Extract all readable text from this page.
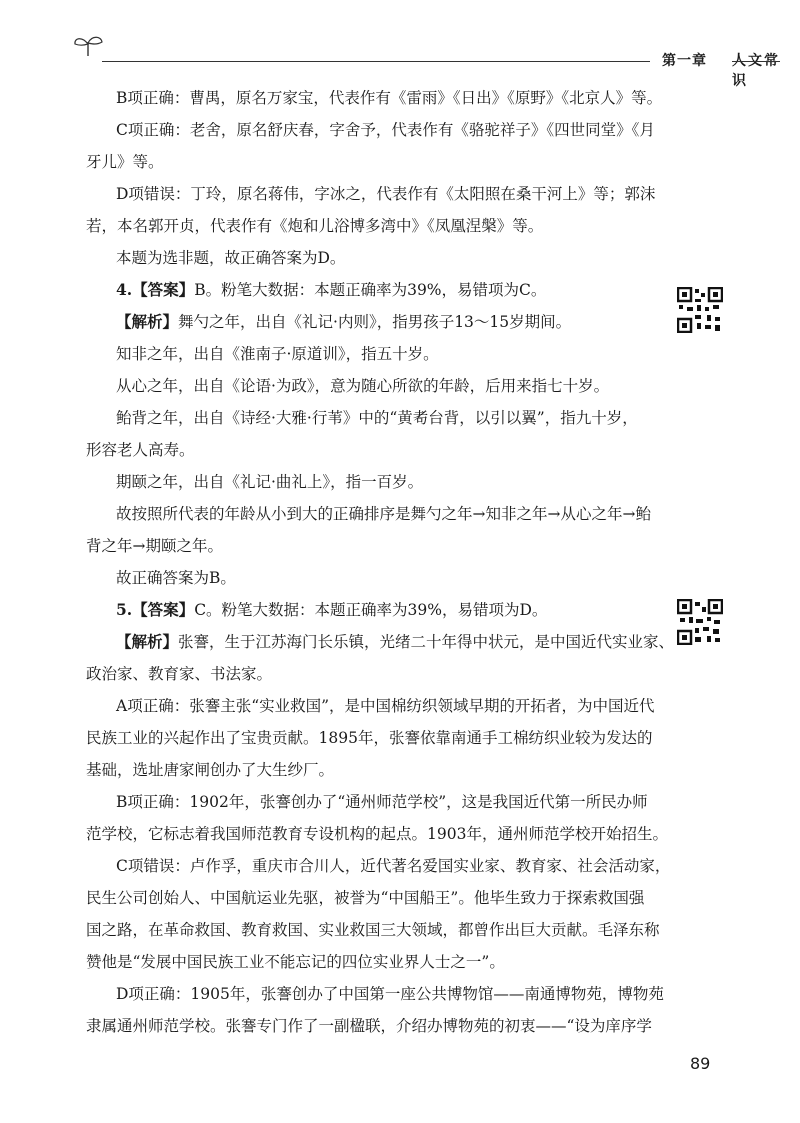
第一章 人文常识
B项正确：曹禺，原名万家宝，代表作有《雷雨》《日出》《原野》《北京人》等。
C项正确：老舍，原名舒庆春，字舍予，代表作有《骆驼祥子》《四世同堂》《月
牙儿》等。
D项错误：丁玲，原名蒋伟，字冰之，代表作有《太阳照在桑干河上》等；郭沫
若，本名郭开贞，代表作有《炮和儿浴博多湾中》《凤凰涅槃》等。
本题为选非题，故正确答案为D。
4.【答案】B。粉笔大数据：本题正确率为39%，易错项为C。
【解析】舞勺之年，出自《礼记·内则》，指男孩子13～15岁期间。
知非之年，出自《淮南子·原道训》，指五十岁。
从心之年，出自《论语·为政》，意为随心所欲的年龄，后用来指七十岁。
鲐背之年，出自《诗经·大雅·行苇》中的“黄耇台背，以引以翼”，指九十岁，
形容老人高寿。
期颐之年，出自《礼记·曲礼上》，指一百岁。
故按照所代表的年龄从小到大的正确排序是舞勺之年→知非之年→从心之年→鲐
背之年→期颐之年。
故正确答案为B。
5.【答案】C。粉笔大数据：本题正确率为39%，易错项为D。
【解析】张謇，生于江苏海门长乐镇，光绪二十年得中状元，是中国近代实业家、
政治家、教育家、书法家。
A项正确：张謇主张“实业救国”，是中国棉纺织领域早期的开拓者，为中国近代
民族工业的兴起作出了宝贵贡献。1895年，张謇依靠南通手工棉纺织业较为发达的
基础，选址唐家闸创办了大生纱厂。
B项正确：1902年，张謇创办了“通州师范学校”，这是我国近代第一所民办师
范学校，它标志着我国师范教育专设机构的起点。1903年，通州师范学校开始招生。
C项错误：卢作孚，重庆市合川人，近代著名爱国实业家、教育家、社会活动家，
民生公司创始人、中国航运业先驱，被誉为“中国船王”。他毕生致力于探索救国强
国之路，在革命救国、教育救国、实业救国三大领域，都曾作出巨大贡献。毛泽东称
赞他是“发展中国民族工业不能忘记的四位实业界人士之一”。
D项正确：1905年，张謇创办了中国第一座公共博物馆——南通博物苑，博物苑
隶属通州师范学校。张謇专门作了一副楹联，介绍办博物苑的初衷——“设为庠序学
89
